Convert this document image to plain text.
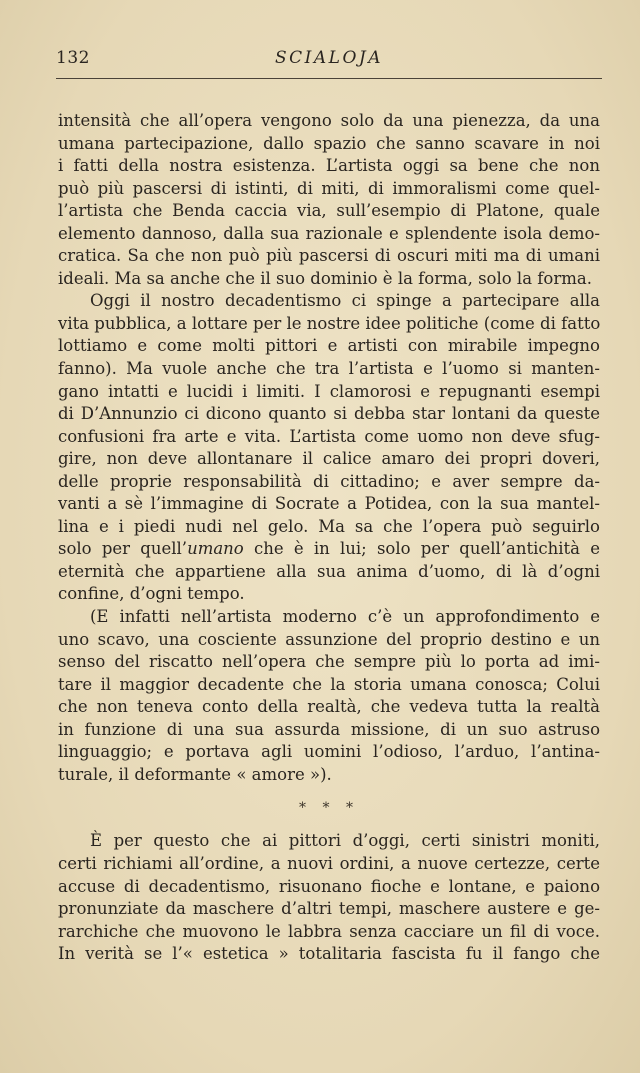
132	SCIALOJA
intensità che all’opera vengono solo da una pienezza, da una
umana partecipazione, dallo spazio che sanno scavare in noi
i fatti della nostra esistenza. L’artista oggi sa bene che non
può più pascersi di istinti, di miti, di immoralismi come quel-
l’artista che Benda caccia via, sull’esempio di Platone, quale
elemento dannoso, dalla sua razionale e splendente isola demo-
cratica. Sa che non può più pascersi di oscuri miti ma di umani
ideali. Ma sa anche che il suo dominio è la forma, solo la forma.
Oggi il nostro decadentismo ci spinge a partecipare alla
vita pubblica, a lottare per le nostre idee politiche (come di fatto
lottiamo e come molti pittori e artisti con mirabile impegno
fanno). Ma vuole anche che tra l’artista e l’uomo si manten-
gano intatti e lucidi i limiti. I clamorosi e repugnanti esempi
di D’Annunzio ci dicono quanto si debba star lontani da queste
confusioni fra arte e vita. L’artista come uomo non deve sfug-
gire, non deve allontanare il calice amaro dei propri doveri,
delle proprie responsabilità di cittadino; e aver sempre da-
vanti a sè l’immagine di Socrate a Potidea, con la sua mantel-
lina e i piedi nudi nel gelo. Ma sa che l’opera può seguirlo
solo per quell’umano che è in lui; solo per quell’antichità e
eternità che appartiene alla sua anima d’uomo, di là d’ogni
confine, d’ogni tempo.
(E infatti nell’artista moderno c’è un approfondimento e
uno scavo, una cosciente assunzione del proprio destino e un
senso del riscatto nell’opera che sempre più lo porta ad imi-
tare il maggior decadente che la storia umana conosca; Colui
che non teneva conto della realtà, che vedeva tutta la realtà
in funzione di una sua assurda missione, di un suo astruso
linguaggio; e portava agli uomini l’odioso, l’arduo, l’antina-
turale, il deformante « amore »).
* * *
È per questo che ai pittori d’oggi, certi sinistri moniti,
certi richiami all’ordine, a nuovi ordini, a nuove certezze, certe
accuse di decadentismo, risuonano fioche e lontane, e paiono
pronunziate da maschere d’altri tempi, maschere austere e ge-
rarchiche che muovono le labbra senza cacciare un fil di voce.
In verità se l’« estetica » totalitaria fascista fu il fango che
